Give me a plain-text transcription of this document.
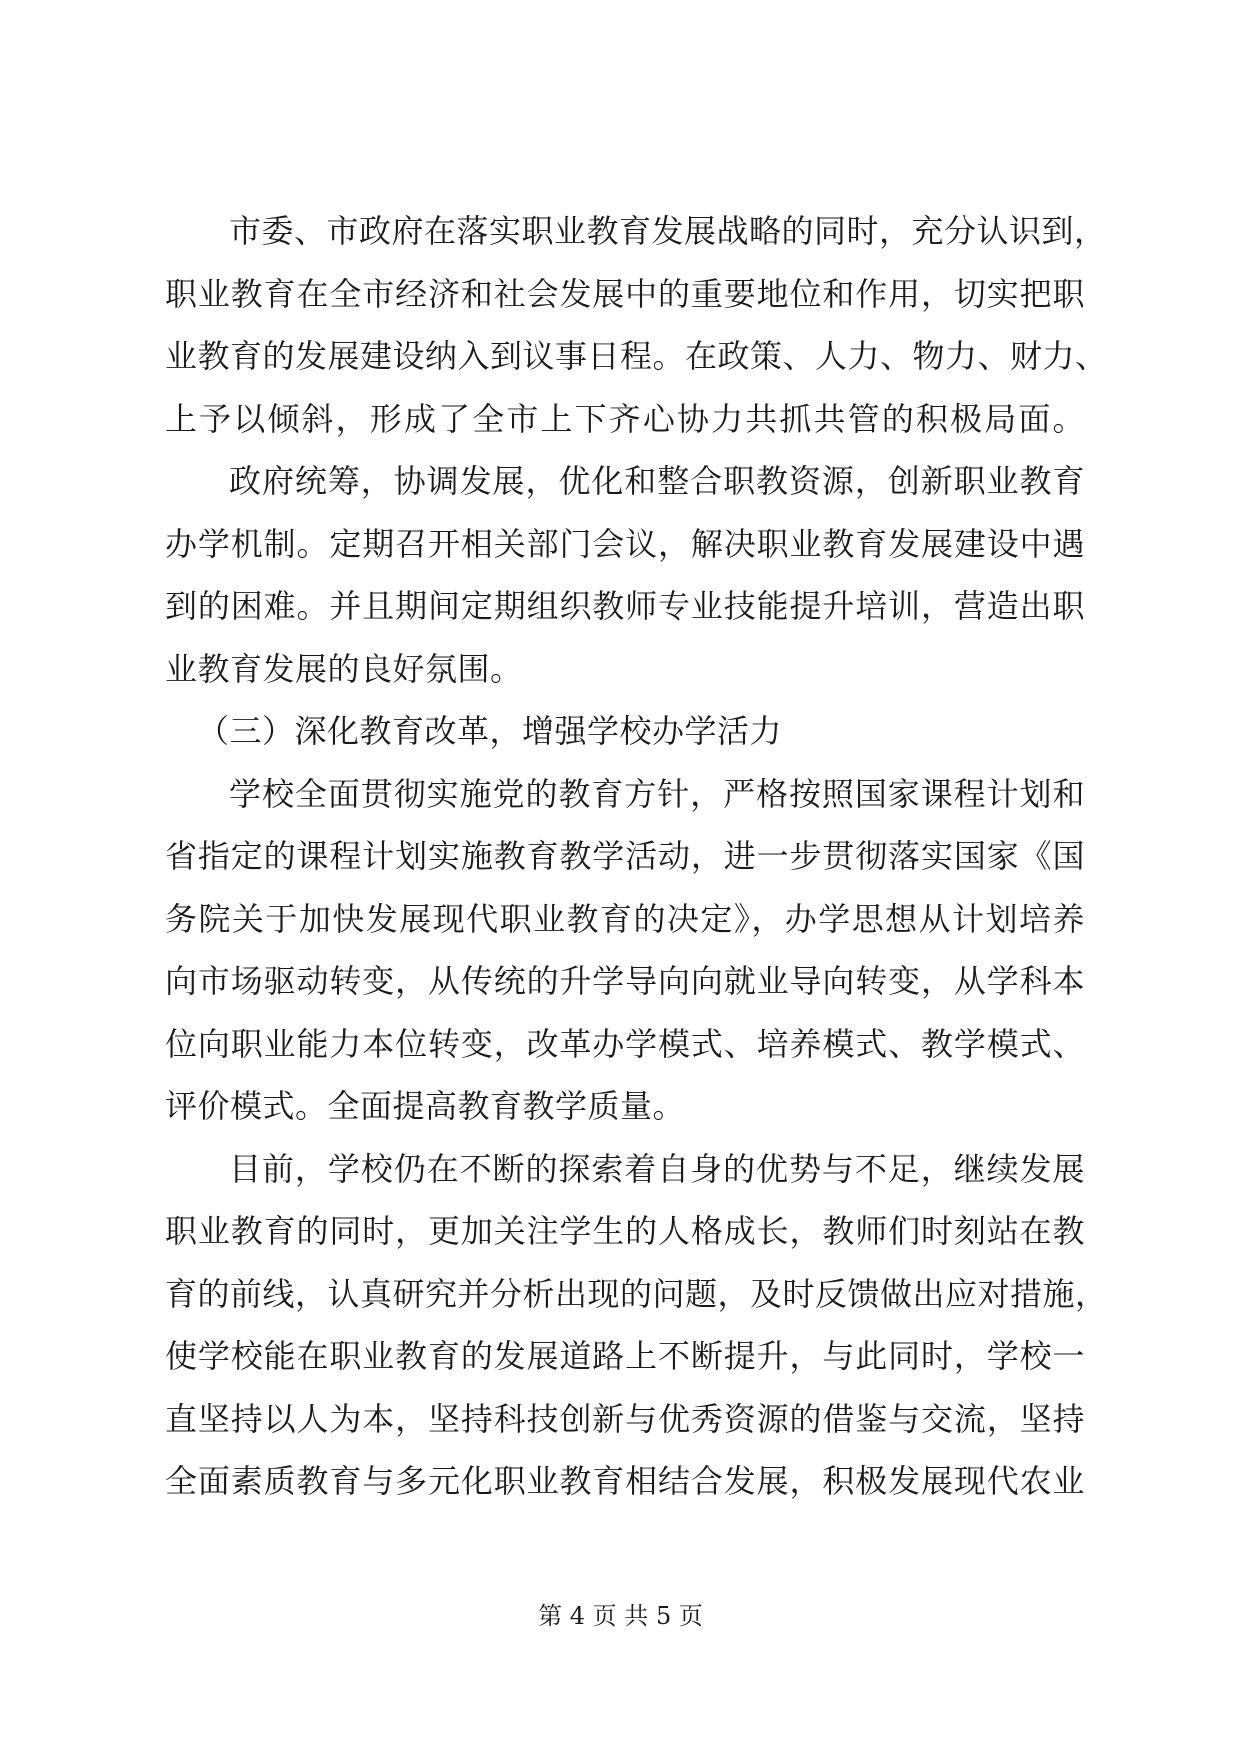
市委、市政府在落实职业教育发展战略的同时，充分认识到，
职业教育在全市经济和社会发展中的重要地位和作用，切实把职
业教育的发展建设纳入到议事日程。在政策、人力、物力、财力、
上予以倾斜，形成了全市上下齐心协力共抓共管的积极局面。
政府统筹，协调发展，优化和整合职教资源，创新职业教育
办学机制。定期召开相关部门会议，解决职业教育发展建设中遇
到的困难。并且期间定期组织教师专业技能提升培训，营造出职
业教育发展的良好氛围。
（三）深化教育改革，增强学校办学活力
学校全面贯彻实施党的教育方针，严格按照国家课程计划和
省指定的课程计划实施教育教学活动，进一步贯彻落实国家《国
务院关于加快发展现代职业教育的决定》，办学思想从计划培养
向市场驱动转变，从传统的升学导向向就业导向转变，从学科本
位向职业能力本位转变，改革办学模式、培养模式、教学模式、
评价模式。全面提高教育教学质量。
目前，学校仍在不断的探索着自身的优势与不足，继续发展
职业教育的同时，更加关注学生的人格成长，教师们时刻站在教
育的前线，认真研究并分析出现的问题，及时反馈做出应对措施，
使学校能在职业教育的发展道路上不断提升，与此同时，学校一
直坚持以人为本，坚持科技创新与优秀资源的借鉴与交流，坚持
全面素质教育与多元化职业教育相结合发展，积极发展现代农业
第 4 页 共 5 页
